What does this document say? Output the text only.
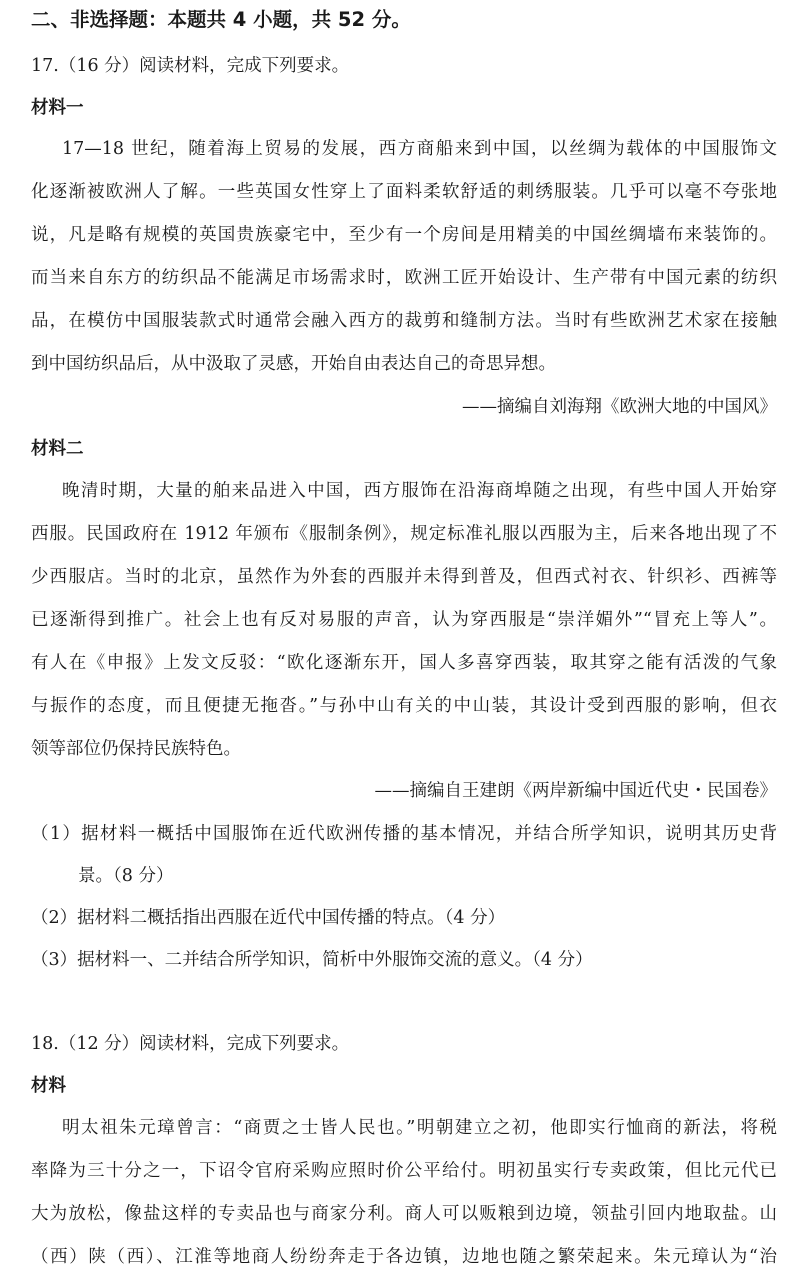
二、非选择题：本题共 4 小题，共 52 分。
17.（16 分）阅读材料，完成下列要求。
材料一
17—18 世纪，随着海上贸易的发展，西方商船来到中国，以丝绸为载体的中国服饰文
化逐渐被欧洲人了解。一些英国女性穿上了面料柔软舒适的刺绣服装。几乎可以毫不夸张地
说，凡是略有规模的英国贵族豪宅中，至少有一个房间是用精美的中国丝绸墙布来装饰的。
而当来自东方的纺织品不能满足市场需求时，欧洲工匠开始设计、生产带有中国元素的纺织
品，在模仿中国服装款式时通常会融入西方的裁剪和缝制方法。当时有些欧洲艺术家在接触
到中国纺织品后，从中汲取了灵感，开始自由表达自己的奇思异想。
——摘编自刘海翔《欧洲大地的中国风》
材料二
晚清时期，大量的舶来品进入中国，西方服饰在沿海商埠随之出现，有些中国人开始穿
西服。民国政府在 1912 年颁布《服制条例》，规定标准礼服以西服为主，后来各地出现了不
少西服店。当时的北京，虽然作为外套的西服并未得到普及，但西式衬衣、针织衫、西裤等
已逐渐得到推广。社会上也有反对易服的声音，认为穿西服是“崇洋媚外”“冒充上等人”。
有人在《申报》上发文反驳：“欧化逐渐东开，国人多喜穿西装，取其穿之能有活泼的气象
与振作的态度，而且便捷无拖沓。”与孙中山有关的中山装，其设计受到西服的影响，但衣
领等部位仍保持民族特色。
——摘编自王建朗《两岸新编中国近代史・民国卷》
（1）据材料一概括中国服饰在近代欧洲传播的基本情况，并结合所学知识，说明其历史背
景。（8 分）
（2）据材料二概括指出西服在近代中国传播的特点。（4 分）
（3）据材料一、二并结合所学知识，简析中外服饰交流的意义。（4 分）
18.（12 分）阅读材料，完成下列要求。
材料
明太祖朱元璋曾言：“商贾之士皆人民也。”明朝建立之初，他即实行恤商的新法，将税
率降为三十分之一，下诏令官府采购应照时价公平给付。明初虽实行专卖政策，但比元代已
大为放松，像盐这样的专卖品也与商家分利。商人可以贩粮到边境，领盐引回内地取盐。山
（西）陕（西）、江淮等地商人纷纷奔走于各边镇，边地也随之繁荣起来。朱元璋认为“治
